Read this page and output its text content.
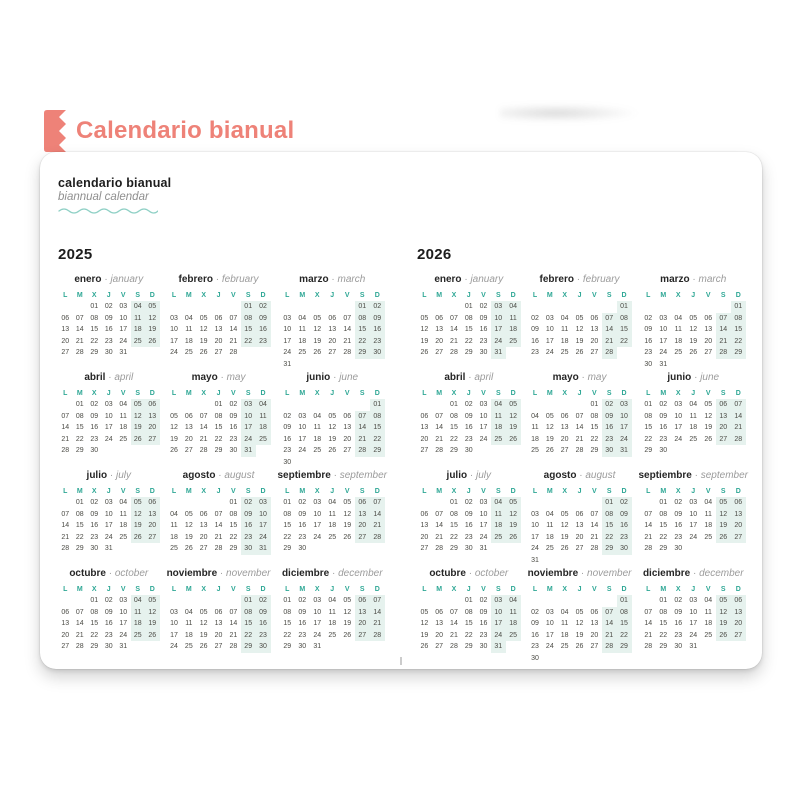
Calendario bianual
calendario bianual
biannual calendar
2025
enero · january
L	M	X	J	V	S	D
		01	02	03	04	05
06	07	08	09	10	11	12
13	14	15	16	17	18	19
20	21	22	23	24	25	26
27	28	29	30	31		
febrero · february
L	M	X	J	V	S	D
					01	02
03	04	05	06	07	08	09
10	11	12	13	14	15	16
17	18	19	20	21	22	23
24	25	26	27	28		
marzo · march
L	M	X	J	V	S	D
					01	02
03	04	05	06	07	08	09
10	11	12	13	14	15	16
17	18	19	20	21	22	23
24	25	26	27	28	29	30
31						
abril · april
L	M	X	J	V	S	D
	01	02	03	04	05	06
07	08	09	10	11	12	13
14	15	16	17	18	19	20
21	22	23	24	25	26	27
28	29	30				
mayo · may
L	M	X	J	V	S	D
			01	02	03	04
05	06	07	08	09	10	11
12	13	14	15	16	17	18
19	20	21	22	23	24	25
26	27	28	29	30	31	
junio · june
L	M	X	J	V	S	D
						01
02	03	04	05	06	07	08
09	10	11	12	13	14	15
16	17	18	19	20	21	22
23	24	25	26	27	28	29
30						
julio · july
L	M	X	J	V	S	D
	01	02	03	04	05	06
07	08	09	10	11	12	13
14	15	16	17	18	19	20
21	22	23	24	25	26	27
28	29	30	31			
agosto · august
L	M	X	J	V	S	D
				01	02	03
04	05	06	07	08	09	10
11	12	13	14	15	16	17
18	19	20	21	22	23	24
25	26	27	28	29	30	31
septiembre · september
L	M	X	J	V	S	D
01	02	03	04	05	06	07
08	09	10	11	12	13	14
15	16	17	18	19	20	21
22	23	24	25	26	27	28
29	30					
octubre · october
L	M	X	J	V	S	D
		01	02	03	04	05
06	07	08	09	10	11	12
13	14	15	16	17	18	19
20	21	22	23	24	25	26
27	28	29	30	31		
noviembre · november
L	M	X	J	V	S	D
					01	02
03	04	05	06	07	08	09
10	11	12	13	14	15	16
17	18	19	20	21	22	23
24	25	26	27	28	29	30
diciembre · december
L	M	X	J	V	S	D
01	02	03	04	05	06	07
08	09	10	11	12	13	14
15	16	17	18	19	20	21
22	23	24	25	26	27	28
29	30	31				
2026
enero · january
L	M	X	J	V	S	D
			01	02	03	04
05	06	07	08	09	10	11
12	13	14	15	16	17	18
19	20	21	22	23	24	25
26	27	28	29	30	31	
febrero · february
L	M	X	J	V	S	D
						01
02	03	04	05	06	07	08
09	10	11	12	13	14	15
16	17	18	19	20	21	22
23	24	25	26	27	28	
marzo · march
L	M	X	J	V	S	D
						01
02	03	04	05	06	07	08
09	10	11	12	13	14	15
16	17	18	19	20	21	22
23	24	25	26	27	28	29
30	31					
abril · april
L	M	X	J	V	S	D
		01	02	03	04	05
06	07	08	09	10	11	12
13	14	15	16	17	18	19
20	21	22	23	24	25	26
27	28	29	30			
mayo · may
L	M	X	J	V	S	D
				01	02	03
04	05	06	07	08	09	10
11	12	13	14	15	16	17
18	19	20	21	22	23	24
25	26	27	28	29	30	31
junio · june
L	M	X	J	V	S	D
01	02	03	04	05	06	07
08	09	10	11	12	13	14
15	16	17	18	19	20	21
22	23	24	25	26	27	28
29	30					
julio · july
L	M	X	J	V	S	D
		01	02	03	04	05
06	07	08	09	10	11	12
13	14	15	16	17	18	19
20	21	22	23	24	25	26
27	28	29	30	31		
agosto · august
L	M	X	J	V	S	D
					01	02
03	04	05	06	07	08	09
10	11	12	13	14	15	16
17	18	19	20	21	22	23
24	25	26	27	28	29	30
31						
septiembre · september
L	M	X	J	V	S	D
	01	02	03	04	05	06
07	08	09	10	11	12	13
14	15	16	17	18	19	20
21	22	23	24	25	26	27
28	29	30				
octubre · october
L	M	X	J	V	S	D
			01	02	03	04
05	06	07	08	09	10	11
12	13	14	15	16	17	18
19	20	21	22	23	24	25
26	27	28	29	30	31	
noviembre · november
L	M	X	J	V	S	D
						01
02	03	04	05	06	07	08
09	10	11	12	13	14	15
16	17	18	19	20	21	22
23	24	25	26	27	28	29
30						
diciembre · december
L	M	X	J	V	S	D
	01	02	03	04	05	06
07	08	09	10	11	12	13
14	15	16	17	18	19	20
21	22	23	24	25	26	27
28	29	30	31			
